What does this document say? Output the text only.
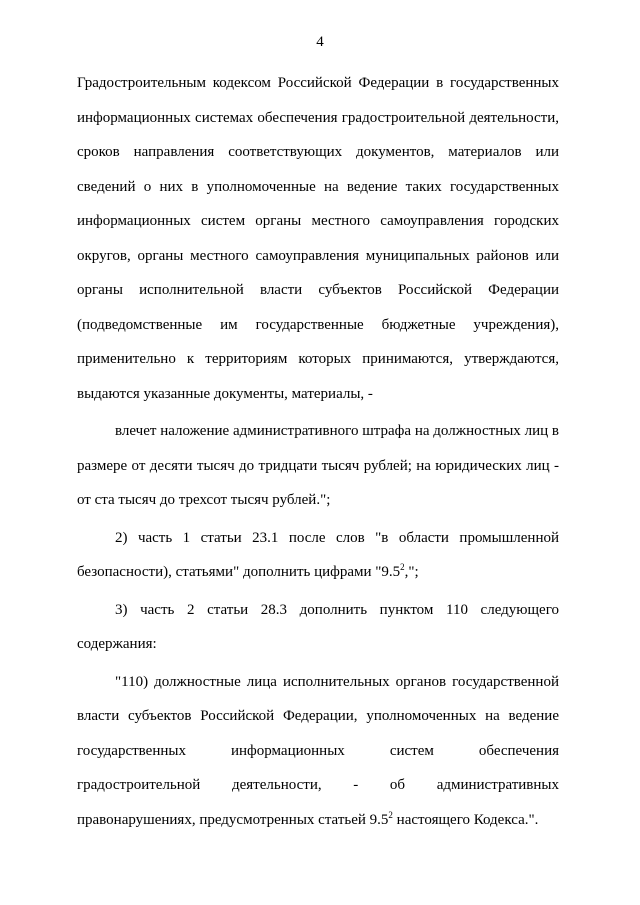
4

Градостроительным кодексом Российской Федерации в государственных информационных системах обеспечения градостроительной деятельности, сроков направления соответствующих документов, материалов или сведений о них в уполномоченные на ведение таких государственных информационных систем органы местного самоуправления городских округов, органы местного самоуправления муниципальных районов или органы исполнительной власти субъектов Российской Федерации (подведомственные им государственные бюджетные учреждения), применительно к территориям которых принимаются, утверждаются, выдаются указанные документы, материалы, -

влечет наложение административного штрафа на должностных лиц в размере от десяти тысяч до тридцати тысяч рублей; на юридических лиц - от ста тысяч до трехсот тысяч рублей.";

2) часть 1 статьи 23.1 после слов "в области промышленной безопасности), статьями" дополнить цифрами "$9.5^2$,";

3) часть 2 статьи 28.3 дополнить пунктом 110 следующего содержания:

"110) должностные лица исполнительных органов государственной власти субъектов Российской Федерации, уполномоченных на ведение государственных информационных систем обеспечения градостроительной деятельности, - об административных правонарушениях, предусмотренных статьей $9.5^2$ настоящего Кодекса.".
